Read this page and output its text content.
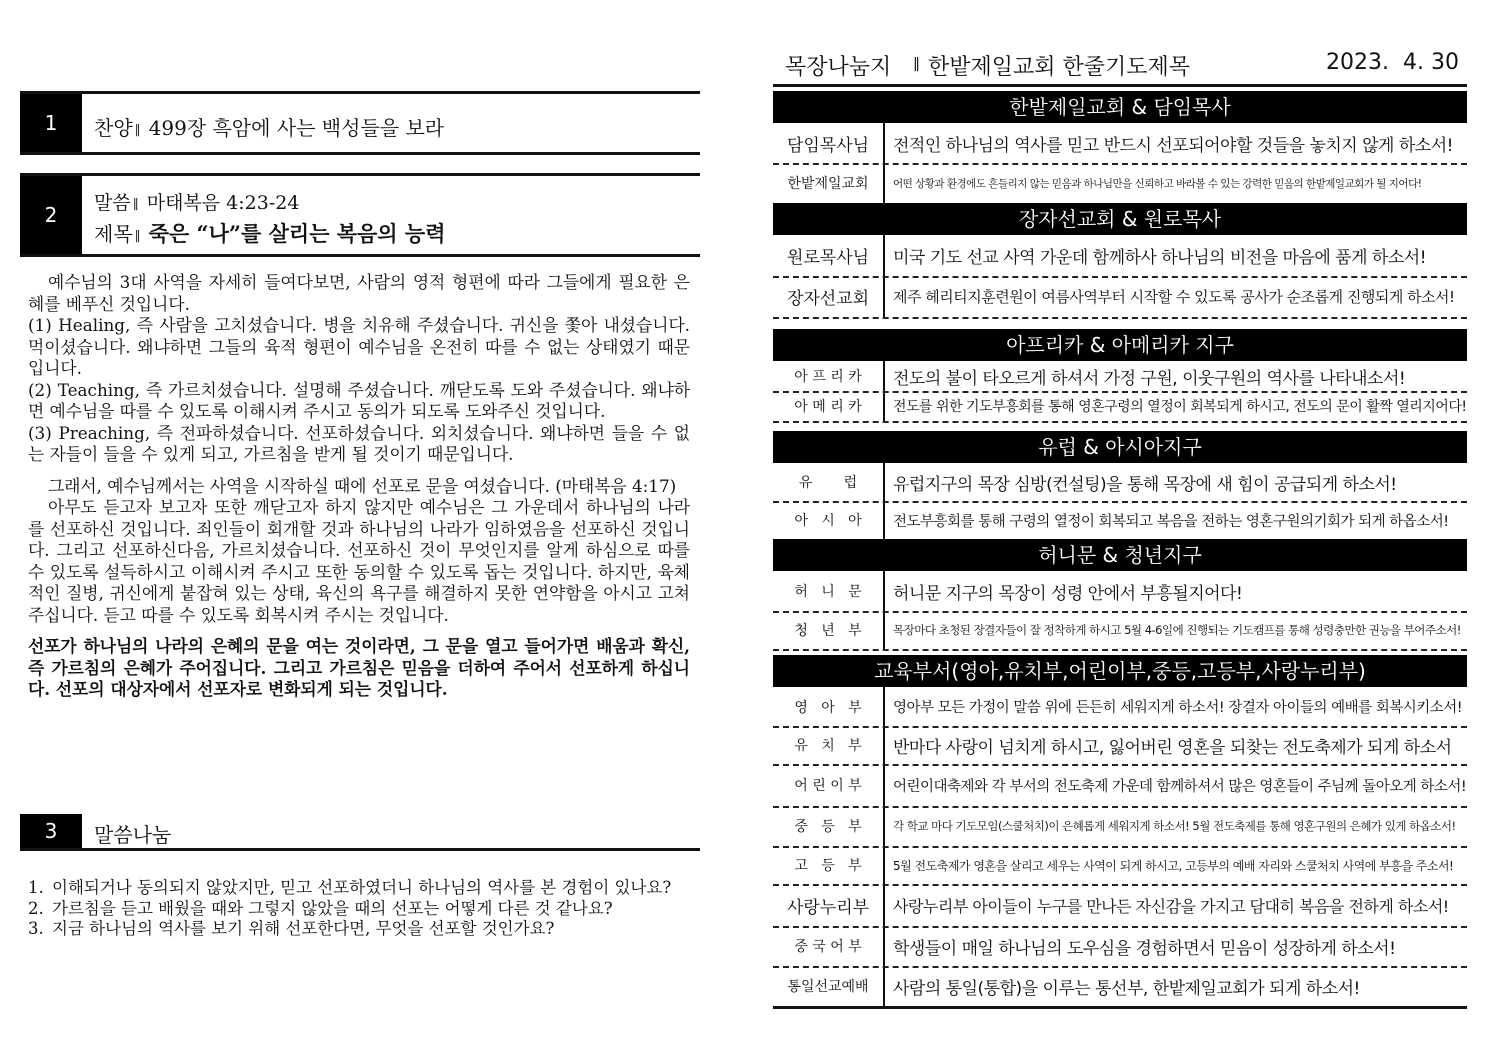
1	찬양 ‖ 499장 흑암에 사는 백성들을 보라
2	말씀 ‖ 마태복음 4:23-24
제목 ‖ 죽은 “나”를 살리는 복음의 능력

예수님의 3대 사역을 자세히 들여다보면, 사람의 영적 형편에 따라 그들에게 필요한 은혜를 베푸신 것입니다.

(1) Healing, 즉 사람을 고치셨습니다. 병을 치유해 주셨습니다. 귀신을 쫓아 내셨습니다. 먹이셨습니다. 왜냐하면 그들의 육적 형편이 예수님을 온전히 따를 수 없는 상태였기 때문입니다.

(2) Teaching, 즉 가르치셨습니다. 설명해 주셨습니다. 깨닫도록 도와 주셨습니다. 왜냐하면 예수님을 따를 수 있도록 이해시켜 주시고 동의가 되도록 도와주신 것입니다.

(3) Preaching, 즉 전파하셨습니다. 선포하셨습니다. 외치셨습니다. 왜냐하면 들을 수 없는 자들이 들을 수 있게 되고, 가르침을 받게 될 것이기 때문입니다.

그래서, 예수님께서는 사역을 시작하실 때에 선포로 문을 여셨습니다. (마태복음 4:17)

아무도 듣고자 보고자 또한 깨닫고자 하지 않지만 예수님은 그 가운데서 하나님의 나라를 선포하신 것입니다. 죄인들이 회개할 것과 하나님의 나라가 임하였음을 선포하신 것입니다. 그리고 선포하신다음, 가르치셨습니다. 선포하신 것이 무엇인지를 알게 하심으로 따를 수 있도록 설득하시고 이해시켜 주시고 또한 동의할 수 있도록 돕는 것입니다. 하지만, 육체적인 질병, 귀신에게 붙잡혀 있는 상태, 육신의 욕구를 해결하지 못한 연약함을 아시고 고쳐 주십니다. 듣고 따를 수 있도록 회복시켜 주시는 것입니다.

선포가 하나님의 나라의 은혜의 문을 여는 것이라면, 그 문을 열고 들어가면 배움과 확신, 즉 가르침의 은혜가 주어집니다. 그리고 가르침은 믿음을 더하여 주어서 선포하게 하십니다. 선포의 대상자에서 선포자로 변화되게 되는 것입니다.

3	말씀나눔
1. 이해되거나 동의되지 않았지만, 믿고 선포하였더니 하나님의 역사를 본 경험이 있나요?
2. 가르침을 듣고 배웠을 때와 그렇지 않았을 때의 선포는 어떻게 다른 것 같나요?
3. 지금 하나님의 역사를 보기 위해 선포한다면, 무엇을 선포할 것인가요?
목장나눔지 ‖ 한밭제일교회 한줄기도제목	2023.  4. 30
한밭제일교회 & 담임목사
담임목사님	전적인 하나님의 역사를 믿고 반드시 선포되어야할 것들을 놓치지 않게 하소서!
한밭제일교회	어떤 상황과 환경에도 흔들리지 않는 믿음과 하나님만을 신뢰하고 바라볼 수 있는 강력한 믿음의 한밭제일교회가 될 지어다!
장자선교회 & 원로목사
원로목사님	미국 기도 선교 사역 가운데 함께하사 하나님의 비전을 마음에 품게 하소서!
장자선교회	제주 헤리티지훈련원이 여름사역부터 시작할 수 있도록 공사가 순조롭게 진행되게 하소서!
아프리카 & 아메리카 지구
아 프 리 카	전도의 불이 타오르게 하셔서 가정 구원, 이웃구원의 역사를 나타내소서!
아 메 리 카	전도를 위한 기도부흥회를 통해 영혼구령의 열정이 회복되게 하시고, 전도의 문이 활짝 열리지어다!
유럽 & 아시아지구
유       럽	유럽지구의 목장 심방(컨설팅)을 통해 목장에 새 힘이 공급되게 하소서!
아   시   아	전도부흥회를 통해 구령의 열정이 회복되고 복음을 전하는 영혼구원의기회가 되게 하옵소서!
허니문 & 청년지구
허   니   문	허니문 지구의 목장이 성령 안에서 부흥될지어다!
청   년   부	목장마다 초청된 장결자들이 잘 정착하게 하시고 5월 4-6일에 진행되는 기도캠프를 통해 성령충만한 권능을 부어주소서!
교육부서(영아,유치부,어린이부,중등,고등부,사랑누리부)
영   아   부	영아부 모든 가정이 말씀 위에 든든히 세워지게 하소서! 장결자 아이들의 예배를 회복시키소서!
유   치   부	반마다 사랑이 넘치게 하시고, 잃어버린 영혼을 되찾는 전도축제가 되게 하소서
어 린 이 부	어린이대축제와 각 부서의 전도축제 가운데 함께하셔서 많은 영혼들이 주님께 돌아오게 하소서!
중   등   부	각 학교 마다 기도모임(스쿨처치)이 은혜롭게 세워지게 하소서! 5월 전도축제를 통해 영혼구원의 은혜가 있게 하옵소서!
고   등   부	5월 전도축제가 영혼을 살리고 세우는 사역이 되게 하시고, 고등부의 예배 자리와 스쿨처치 사역에 부흥을 주소서!
사랑누리부	사랑누리부 아이들이 누구를 만나든 자신감을 가지고 담대히 복음을 전하게 하소서!
중 국 어 부	학생들이 매일 하나님의 도우심을 경험하면서 믿음이 성장하게 하소서!
통일선교예배	사람의 통일(통합)을 이루는 통선부, 한밭제일교회가 되게 하소서!
